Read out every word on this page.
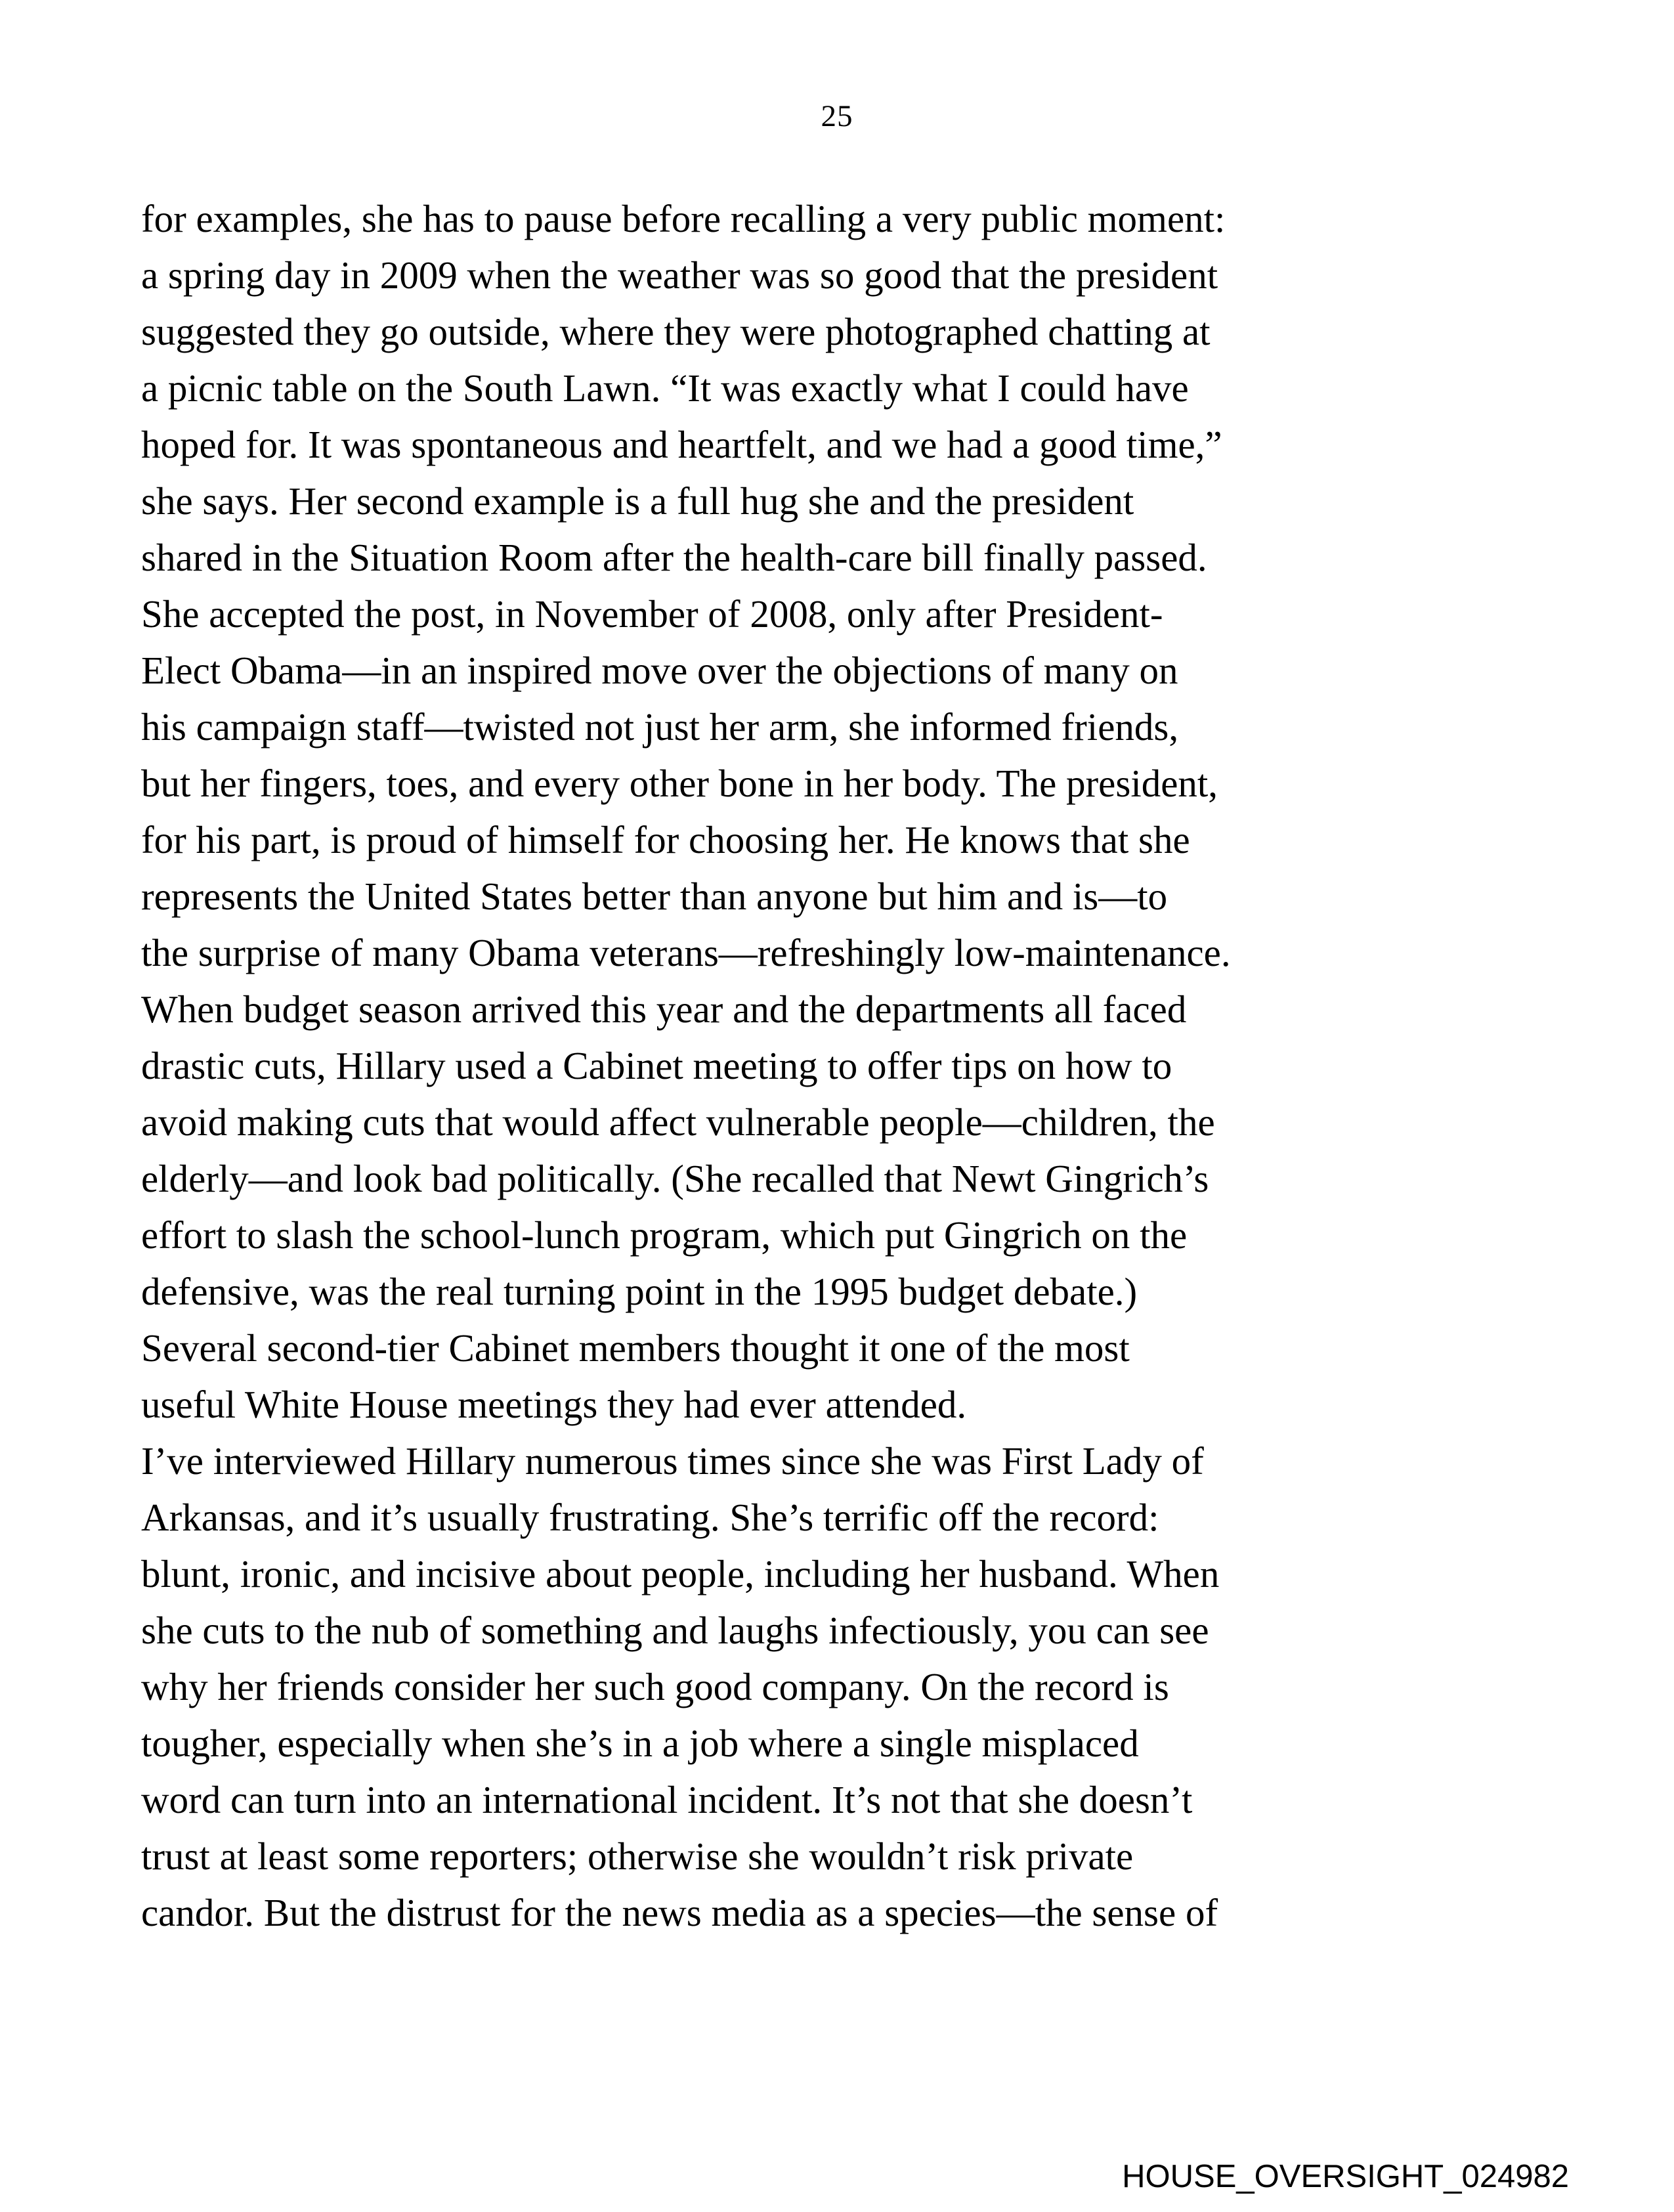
25
for examples, she has to pause before recalling a very public moment:
a spring day in 2009 when the weather was so good that the president
suggested they go outside, where they were photographed chatting at
a picnic table on the South Lawn. “It was exactly what I could have
hoped for. It was spontaneous and heartfelt, and we had a good time,”
she says. Her second example is a full hug she and the president
shared in the Situation Room after the health-care bill finally passed.
She accepted the post, in November of 2008, only after President-
Elect Obama—in an inspired move over the objections of many on
his campaign staff—twisted not just her arm, she informed friends,
but her fingers, toes, and every other bone in her body. The president,
for his part, is proud of himself for choosing her. He knows that she
represents the United States better than anyone but him and is—to
the surprise of many Obama veterans—refreshingly low-maintenance.
When budget season arrived this year and the departments all faced
drastic cuts, Hillary used a Cabinet meeting to offer tips on how to
avoid making cuts that would affect vulnerable people—children, the
elderly—and look bad politically. (She recalled that Newt Gingrich’s
effort to slash the school-lunch program, which put Gingrich on the
defensive, was the real turning point in the 1995 budget debate.)
Several second-tier Cabinet members thought it one of the most
useful White House meetings they had ever attended.
I’ve interviewed Hillary numerous times since she was First Lady of
Arkansas, and it’s usually frustrating. She’s terrific off the record:
blunt, ironic, and incisive about people, including her husband. When
she cuts to the nub of something and laughs infectiously, you can see
why her friends consider her such good company. On the record is
tougher, especially when she’s in a job where a single misplaced
word can turn into an international incident. It’s not that she doesn’t
trust at least some reporters; otherwise she wouldn’t risk private
candor. But the distrust for the news media as a species—the sense of
HOUSE_OVERSIGHT_024982
